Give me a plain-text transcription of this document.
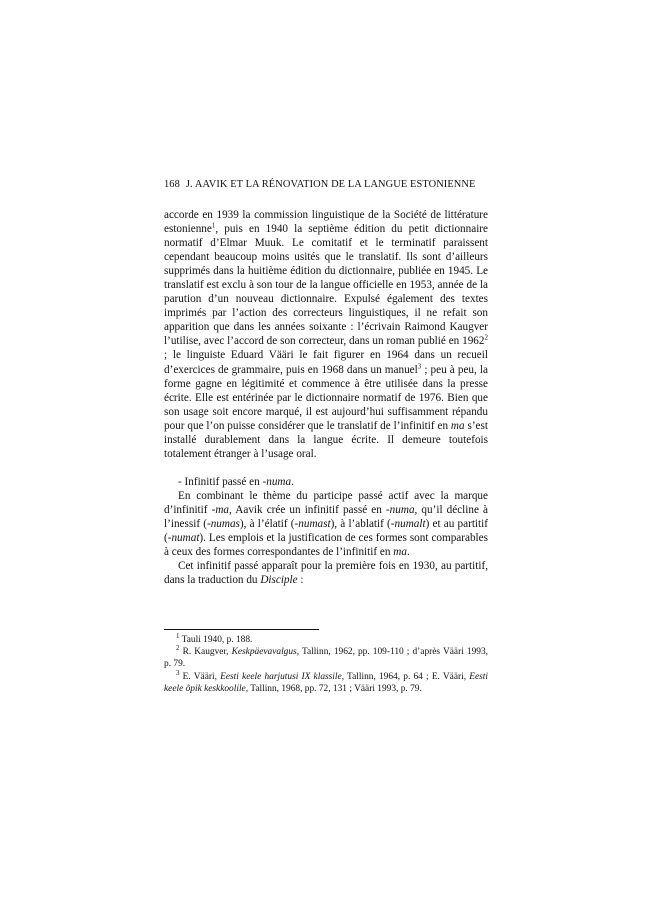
168 J. AAVIK ET LA RÉNOVATION DE LA LANGUE ESTONIENNE

accorde en 1939 la commission linguistique de la Société de littérature estonienne$^1$, puis en 1940 la septième édition du petit dictionnaire normatif d’Elmar Muuk. Le comitatif et le terminatif paraissent cependant beaucoup moins usités que le translatif. Ils sont d’ailleurs supprimés dans la huitième édition du dictionnaire, publiée en 1945. Le translatif est exclu à son tour de la langue officielle en 1953, année de la parution d’un nouveau dictionnaire. Expulsé également des textes imprimés par l’action des correcteurs linguistiques, il ne refait son apparition que dans les années soixante : l’écrivain Raimond Kaugver l’utilise, avec l’accord de son correcteur, dans un roman publié en 1962$^2$ ; le linguiste Eduard Vääri le fait figurer en 1964 dans un recueil d’exercices de grammaire, puis en 1968 dans un manuel$^3$ ; peu à peu, la forme gagne en légitimité et commence à être utilisée dans la presse écrite. Elle est entérinée par le dictionnaire normatif de 1976. Bien que son usage soit encore marqué, il est aujourd’hui suffisamment répandu pour que l’on puisse considérer que le translatif de l’infinitif en ma s’est installé durablement dans la langue écrite. Il demeure toutefois totalement étranger à l’usage oral.

- Infinitif passé en -numa.

En combinant le thème du participe passé actif avec la marque d’infinitif -ma, Aavik crée un infinitif passé en -numa, qu’il décline à l’inessif (-numas), à l’élatif (-numast), à l’ablatif (-numalt) et au partitif (-numat). Les emplois et la justification de ces formes sont comparables à ceux des formes correspondantes de l’infinitif en ma.

Cet infinitif passé apparaît pour la première fois en 1930, au partitif, dans la traduction du Disciple :

$^1$ Tauli 1940, p. 188.

$^2$ R. Kaugver, Keskpäevavalgus, Tallinn, 1962, pp. 109-110 ; d’après Vääri 1993, p. 79.

$^3$ E. Vääri, Eesti keele harjutusi IX klassile, Tallinn, 1964, p. 64 ; E. Vääri, Eesti keele õpik keskkoolile, Tallinn, 1968, pp. 72, 131 ; Vääri 1993, p. 79.
